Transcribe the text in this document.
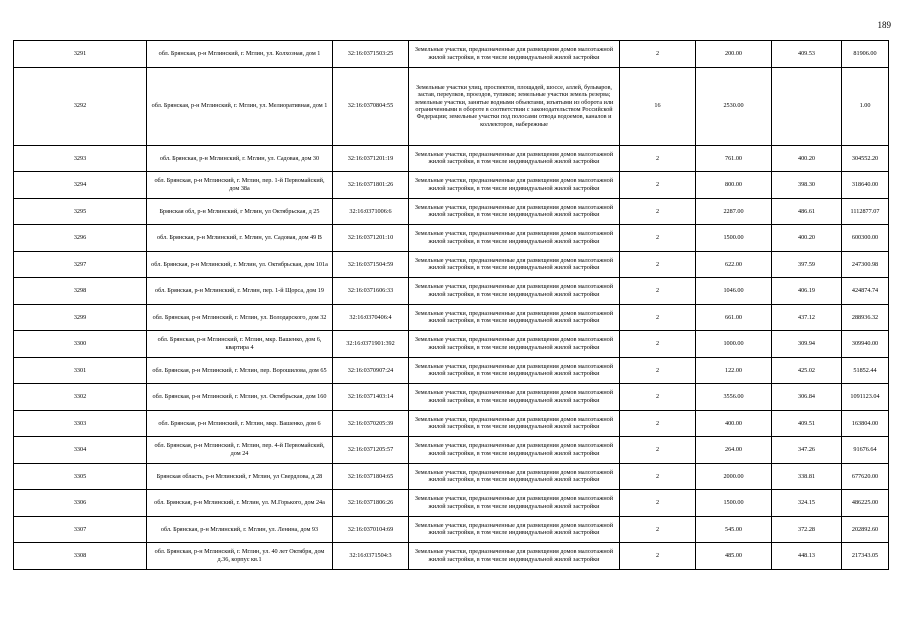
189
3291	обл. Брянская, р-н Мглинский, г. Мглин, ул. Колхозная, дом 1	32:16:0371503:25	Земельные участки, предназначенные для размещения домов малоэтажной жилой застройки, в том числе индивидуальной жилой застройки	2	200.00	409.53	81906.00
3292	обл. Брянская, р-н Мглинский, г. Мглин, ул. Мелиоративная, дом 1	32:16:0370804:55	Земельные участки улиц, проспектов, площадей, шоссе, аллей, бульваров, застав, переулков, проездов, тупиков; земельные участки земель резерва; земельные участки, занятые водными объектами, изъятыми из оборота или ограниченными в обороте в соответствии с законодательством Российской Федерации; земельные участки под полосами отвода водоемов, каналов и коллекторов, набережные	16	2530.00		1.00
3293	обл. Брянская, р-н Мглинский, г. Мглин, ул. Садовая, дом 30	32:16:0371201:19	Земельные участки, предназначенные для размещения домов малоэтажной жилой застройки, в том числе индивидуальной жилой застройки	2	761.00	400.20	304552.20
3294	обл. Брянская, р-н Мглинский, г. Мглин, пер. 1-й Первомайский, дом 38а	32:16:0371801:26	Земельные участки, предназначенные для размещения домов малоэтажной жилой застройки, в том числе индивидуальной жилой застройки	2	800.00	398.30	318640.00
3295	Брянская обл, р-н Мглинский, г Мглин, ул Октябрьская, д 25	32:16:0371006:6	Земельные участки, предназначенные для размещения домов малоэтажной жилой застройки, в том числе индивидуальной жилой застройки	2	2287.00	486.61	1112877.07
3296	обл. Брянская, р-н Мглинский, г. Мглин, ул. Садовая, дом 49 В	32:16:0371201:10	Земельные участки, предназначенные для размещения домов малоэтажной жилой застройки, в том числе индивидуальной жилой застройки	2	1500.00	400.20	600300.00
3297	обл. Брянская, р-н Мглинский, г. Мглин, ул. Октябрьская, дом 101а	32:16:0371504:59	Земельные участки, предназначенные для размещения домов малоэтажной жилой застройки, в том числе индивидуальной жилой застройки	2	622.00	397.59	247300.98
3298	обл. Брянская, р-н Мглинский, г. Мглин, пер. 1-й Щорса, дом 19	32:16:0371606:33	Земельные участки, предназначенные для размещения домов малоэтажной жилой застройки, в том числе индивидуальной жилой застройки	2	1046.00	406.19	424874.74
3299	обл. Брянская, р-н Мглинский, г. Мглин, ул. Володарского, дом 32	32:16:0370406:4	Земельные участки, предназначенные для размещения домов малоэтажной жилой застройки, в том числе индивидуальной жилой застройки	2	661.00	437.12	288936.32
3300	обл. Брянская, р-н Мглинский, г. Мглин, мкр. Вашенко, дом 6, квартира 4	32:16:0371901:392	Земельные участки, предназначенные для размещения домов малоэтажной жилой застройки, в том числе индивидуальной жилой застройки	2	1000.00	309.94	309940.00
3301	обл. Брянская, р-н Мглинский, г. Мглин, пер. Ворошилова, дом 65	32:16:0370907:24	Земельные участки, предназначенные для размещения домов малоэтажной жилой застройки, в том числе индивидуальной жилой застройки	2	122.00	425.02	51852.44
3302	обл. Брянская, р-н Мглинский, г. Мглин, ул. Октябрьская, дом 160	32:16:0371403:14	Земельные участки, предназначенные для размещения домов малоэтажной жилой застройки, в том числе индивидуальной жилой застройки	2	3556.00	306.84	1091123.04
3303	обл. Брянская, р-н Мглинский, г. Мглин, мкр. Вашенко, дом 6	32:16:0370205:39	Земельные участки, предназначенные для размещения домов малоэтажной жилой застройки, в том числе индивидуальной жилой застройки	2	400.00	409.51	163804.00
3304	обл. Брянская, р-н Мглинский, г. Мглин, пер. 4-й Первомайский, дом 24	32:16:0371205:57	Земельные участки, предназначенные для размещения домов малоэтажной жилой застройки, в том числе индивидуальной жилой застройки	2	264.00	347.26	91676.64
3305	Брянская область, р-н Мглинский, г Мглин, ул Свердлова, д 28	32:16:0371804:65	Земельные участки, предназначенные для размещения домов малоэтажной жилой застройки, в том числе индивидуальной жилой застройки	2	2000.00	338.81	677620.00
3306	обл. Брянская, р-н Мглинский, г. Мглин, ул. М.Горького, дом 24а	32:16:0371806:26	Земельные участки, предназначенные для размещения домов малоэтажной жилой застройки, в том числе индивидуальной жилой застройки	2	1500.00	324.15	486225.00
3307	обл. Брянская, р-н Мглинский, г. Мглин, ул. Ленина, дом 93	32:16:0370104:69	Земельные участки, предназначенные для размещения домов малоэтажной жилой застройки, в том числе индивидуальной жилой застройки	2	545.00	372.28	202892.60
3308	обл. Брянская, р-н Мглинский, г. Мглин, ул. 40 лет Октября, дом д.36, корпус кв.1	32:16:0371504:3	Земельные участки, предназначенные для размещения домов малоэтажной жилой застройки, в том числе индивидуальной жилой застройки	2	485.00	448.13	217343.05
